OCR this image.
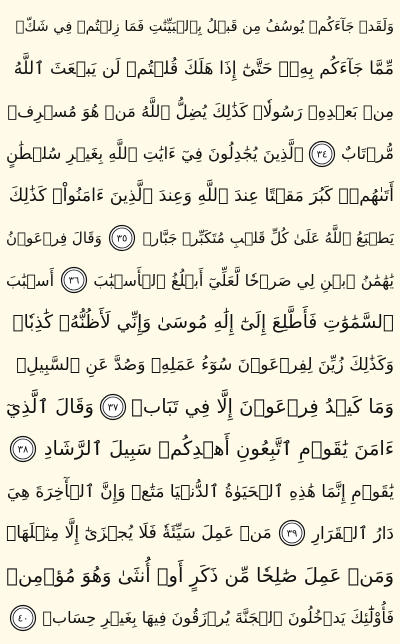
وَلَقَدۡ جَآءَكُمۡ يُوسُفُ مِن قَبۡلُ بِٱلۡبَيِّنَٰتِ فَمَا زِلۡتُمۡ فِي شَكّٖ
مِّمَّا جَآءَكُم بِهِۦۖ حَتَّىٰٓ إِذَا هَلَكَ قُلۡتُمۡ لَن يَبۡعَثَ ٱللَّهُ
مِنۢ بَعۡدِهِۦ رَسُولٗاۚ كَذَٰلِكَ يُضِلُّ ٱللَّهُ مَنۡ هُوَ مُسۡرِفٞ
مُّرۡتَابٌ
٣٤
ٱلَّذِينَ يُجَٰدِلُونَ فِيٓ ءَايَٰتِ ٱللَّهِ بِغَيۡرِ سُلۡطَٰنٍ
أَتَىٰهُمۡۖ كَبُرَ مَقۡتًا عِندَ ٱللَّهِ وَعِندَ ٱلَّذِينَ ءَامَنُواْۚ كَذَٰلِكَ
يَطۡبَعُ ٱللَّهُ عَلَىٰ كُلِّ قَلۡبِ مُتَكَبِّرٖ جَبَّارٖ
٣٥
وَقَالَ فِرۡعَوۡنُ
يَٰهَٰمَٰنُ ٱبۡنِ لِي صَرۡحٗا لَّعَلِّيٓ أَبۡلُغُ ٱلۡأَسۡبَٰبَ
٣٦
أَسۡبَٰبَ
ٱلسَّمَٰوَٰتِ فَأَطَّلِعَ إِلَىٰٓ إِلَٰهِ مُوسَىٰ وَإِنِّي لَأَظُنُّهُۥ كَٰذِبٗاۚ
وَكَذَٰلِكَ زُيِّنَ لِفِرۡعَوۡنَ سُوٓءُ عَمَلِهِۦ وَصُدَّ عَنِ ٱلسَّبِيلِۚ
وَمَا كَيۡدُ فِرۡعَوۡنَ إِلَّا فِي تَبَابٖ
٣٧
وَقَالَ ٱلَّذِيٓ
ءَامَنَ يَٰقَوۡمِ ٱتَّبِعُونِ أَهۡدِكُمۡ سَبِيلَ ٱلرَّشَادِ
٣٨
يَٰقَوۡمِ إِنَّمَا هَٰذِهِ ٱلۡحَيَوٰةُ ٱلدُّنۡيَا مَتَٰعٞ وَإِنَّ ٱلۡأٓخِرَةَ هِيَ
دَارُ ٱلۡقَرَارِ
٣٩
مَنۡ عَمِلَ سَيِّئَةٗ فَلَا يُجۡزَىٰٓ إِلَّا مِثۡلَهَاۖ
وَمَنۡ عَمِلَ صَٰلِحٗا مِّن ذَكَرٍ أَوۡ أُنثَىٰ وَهُوَ مُؤۡمِنٞ
فَأُوْلَٰٓئِكَ يَدۡخُلُونَ ٱلۡجَنَّةَ يُرۡزَقُونَ فِيهَا بِغَيۡرِ حِسَابٖ
٤٠
